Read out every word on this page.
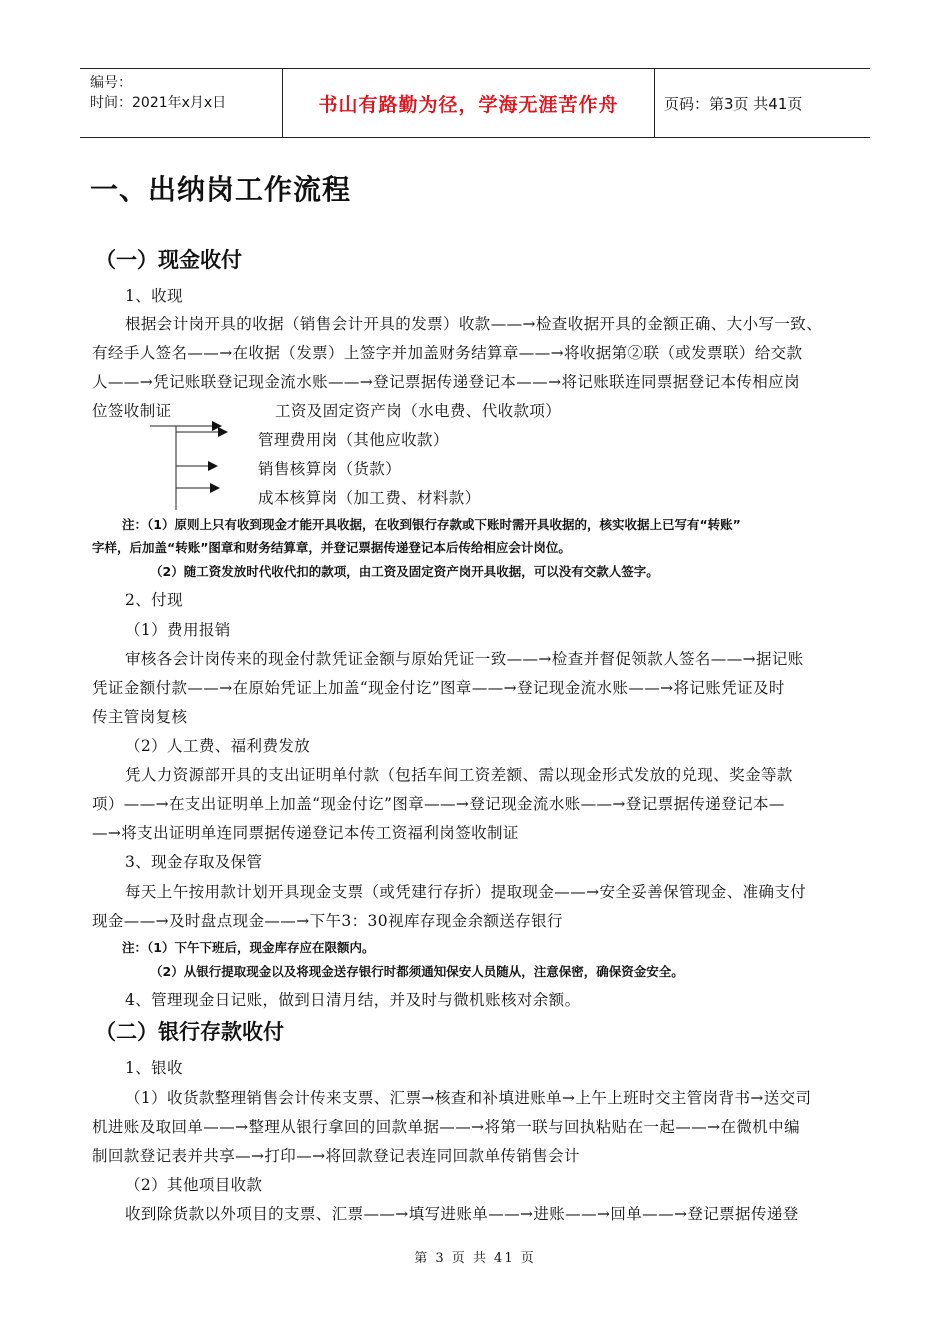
编号：
时间：2021年x月x日	书山有路勤为径，学海无涯苦作舟	页码：第3页 共41页
一、出纳岗工作流程
（一）现金收付
1、收现
根据会计岗开具的收据（销售会计开具的发票）收款——→检查收据开具的金额正确、大小写一致、
有经手人签名——→在收据（发票）上签字并加盖财务结算章——→将收据第②联（或发票联）给交款
人——→凭记账联登记现金流水账——→登记票据传递登记本——→将记账联连同票据登记本传相应岗
位签收制证	工资及固定资产岗（水电费、代收款项）
管理费用岗（其他应收款）
销售核算岗（货款）
成本核算岗（加工费、材料款）
注：（1）原则上只有收到现金才能开具收据，在收到银行存款或下账时需开具收据的，核实收据上已写有“转账”
字样，后加盖“转账”图章和财务结算章，并登记票据传递登记本后传给相应会计岗位。
（2）随工资发放时代收代扣的款项，由工资及固定资产岗开具收据，可以没有交款人签字。
2、付现
（1）费用报销
审核各会计岗传来的现金付款凭证金额与原始凭证一致——→检查并督促领款人签名——→据记账
凭证金额付款——→在原始凭证上加盖“现金付讫”图章——→登记现金流水账——→将记账凭证及时
传主管岗复核
（2）人工费、福利费发放
凭人力资源部开具的支出证明单付款（包括车间工资差额、需以现金形式发放的兑现、奖金等款
项）——→在支出证明单上加盖“现金付讫”图章——→登记现金流水账——→登记票据传递登记本—
—→将支出证明单连同票据传递登记本传工资福利岗签收制证
3、现金存取及保管
每天上午按用款计划开具现金支票（或凭建行存折）提取现金——→安全妥善保管现金、准确支付
现金——→及时盘点现金——→下午3：30视库存现金余额送存银行
注：（1）下午下班后，现金库存应在限额内。
（2）从银行提取现金以及将现金送存银行时都须通知保安人员随从，注意保密，确保资金安全。
4、管理现金日记账，做到日清月结，并及时与微机账核对余额。
（二）银行存款收付
1、银收
（1）收货款整理销售会计传来支票、汇票→核查和补填进账单→上午上班时交主管岗背书→送交司
机进账及取回单——→整理从银行拿回的回款单据——→将第一联与回执粘贴在一起——→在微机中编
制回款登记表并共享—→打印—→将回款登记表连同回款单传销售会计
（2）其他项目收款
收到除货款以外项目的支票、汇票——→填写进账单——→进账——→回单——→登记票据传递登
第 3 页 共 41 页
